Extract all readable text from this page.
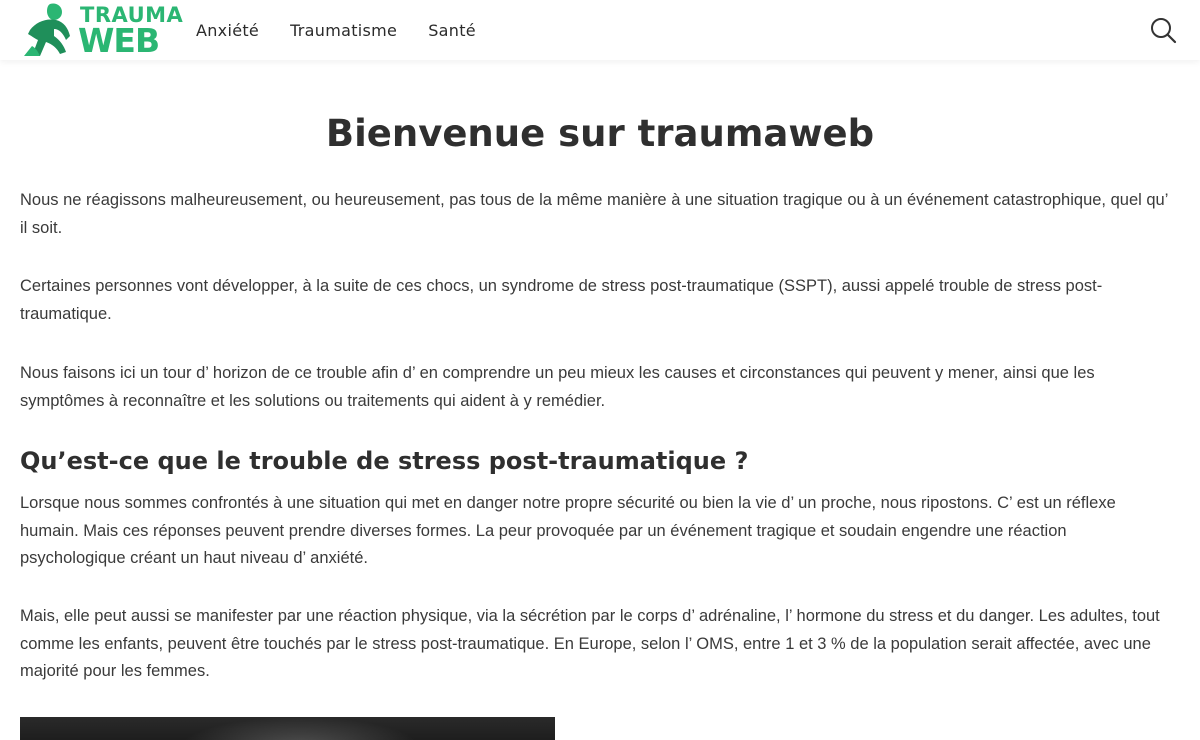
TRAUMA
WEB Anxiété Traumatisme Santé
Bienvenue sur traumaweb

Nous ne réagissons malheureusement, ou heureusement, pas tous de la même manière à une situation tragique ou à un événement catastrophique, quel qu’ il soit.

Certaines personnes vont développer, à la suite de ces chocs, un syndrome de stress post-traumatique (SSPT), aussi appelé trouble de stress post-traumatique.

Nous faisons ici un tour d’ horizon de ce trouble afin d’ en comprendre un peu mieux les causes et circonstances qui peuvent y mener, ainsi que les symptômes à reconnaître et les solutions ou traitements qui aident à y remédier.

Qu’est-ce que le trouble de stress post-traumatique ?

Lorsque nous sommes confrontés à une situation qui met en danger notre propre sécurité ou bien la vie d’ un proche, nous ripostons. C’ est un réflexe humain. Mais ces réponses peuvent prendre diverses formes. La peur provoquée par un événement tragique et soudain engendre une réaction psychologique créant un haut niveau d’ anxiété.

Mais, elle peut aussi se manifester par une réaction physique, via la sécrétion par le corps d’ adrénaline, l’ hormone du stress et du danger. Les adultes, tout comme les enfants, peuvent être touchés par le stress post-traumatique. En Europe, selon l’ OMS, entre 1 et 3 % de la population serait affectée, avec une majorité pour les femmes.
